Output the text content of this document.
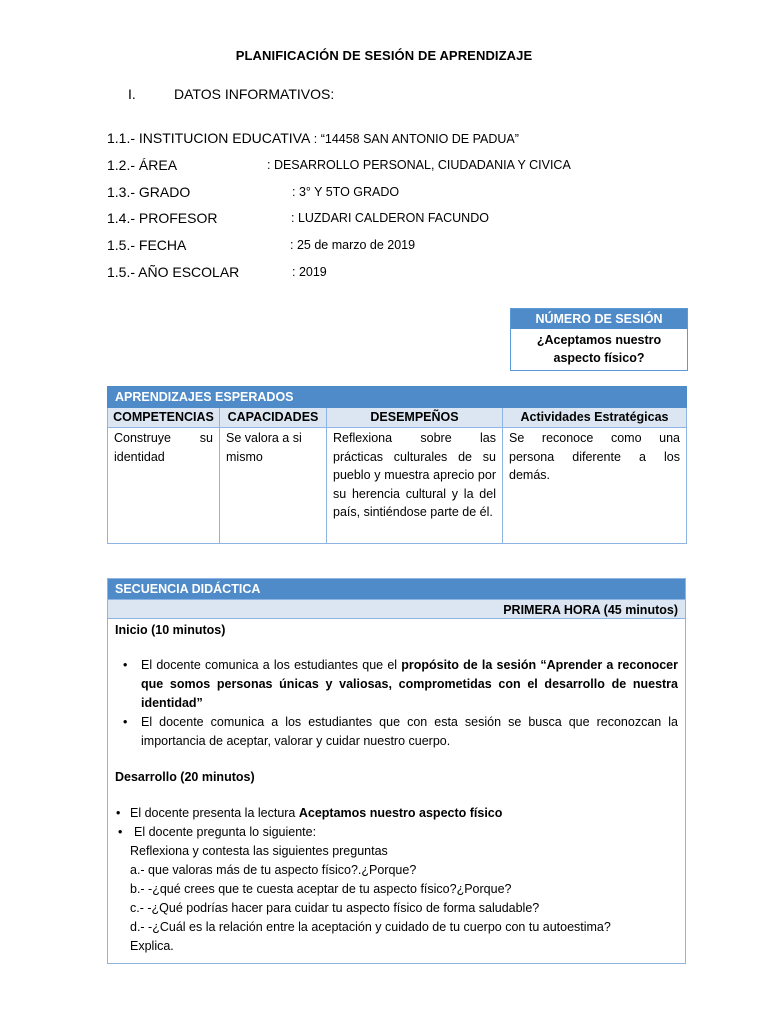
PLANIFICACIÓN DE SESIÓN DE APRENDIZAJE
I.	DATOS INFORMATIVOS:
1.1.- INSTITUCION EDUCATIVA : “14458 SAN ANTONIO DE PADUA”
1.2.- ÁREA	: DESARROLLO PERSONAL, CIUDADANIA Y CIVICA
1.3.- GRADO	: 3° Y 5TO GRADO
1.4.- PROFESOR	: LUZDARI CALDERON FACUNDO
1.5.- FECHA	: 25 de marzo de 2019
1.5.- AÑO ESCOLAR	: 2019
NÚMERO DE SESIÓN
¿Aceptamos nuestro
aspecto físico?
APRENDIZAJES ESPERADOS			
COMPETENCIAS	CAPACIDADES	DESEMPEÑOS	Actividades Estratégicas
Construye su identidad	Se valora a si mismo	Reflexiona sobre las prácticas culturales de su pueblo y muestra aprecio por su herencia cultural y la del país, sintiéndose parte de él.	Se reconoce como una persona diferente a los demás.
SECUENCIA DIDÁCTICA
PRIMERA HORA (45 minutos)
Inicio (10 minutos)
• El docente comunica a los estudiantes que el propósito de la sesión “Aprender a reconocer que somos personas únicas y valiosas, comprometidas con el desarrollo de nuestra identidad”
• El docente comunica a los estudiantes que con esta sesión se busca que reconozcan la importancia de aceptar, valorar y cuidar nuestro cuerpo.
Desarrollo (20 minutos)
• El docente presenta la lectura Aceptamos nuestro aspecto físico
• El docente pregunta lo siguiente:
Reflexiona y contesta las siguientes preguntas
a.- que valoras más de tu aspecto físico?.¿Porque?
b.- -¿qué crees que te cuesta aceptar de tu aspecto físico?¿Porque?
c.- -¿Qué podrías hacer para cuidar tu aspecto físico de forma saludable?
d.- -¿Cuál es la relación entre la aceptación y cuidado de tu cuerpo con tu autoestima?
Explica.
